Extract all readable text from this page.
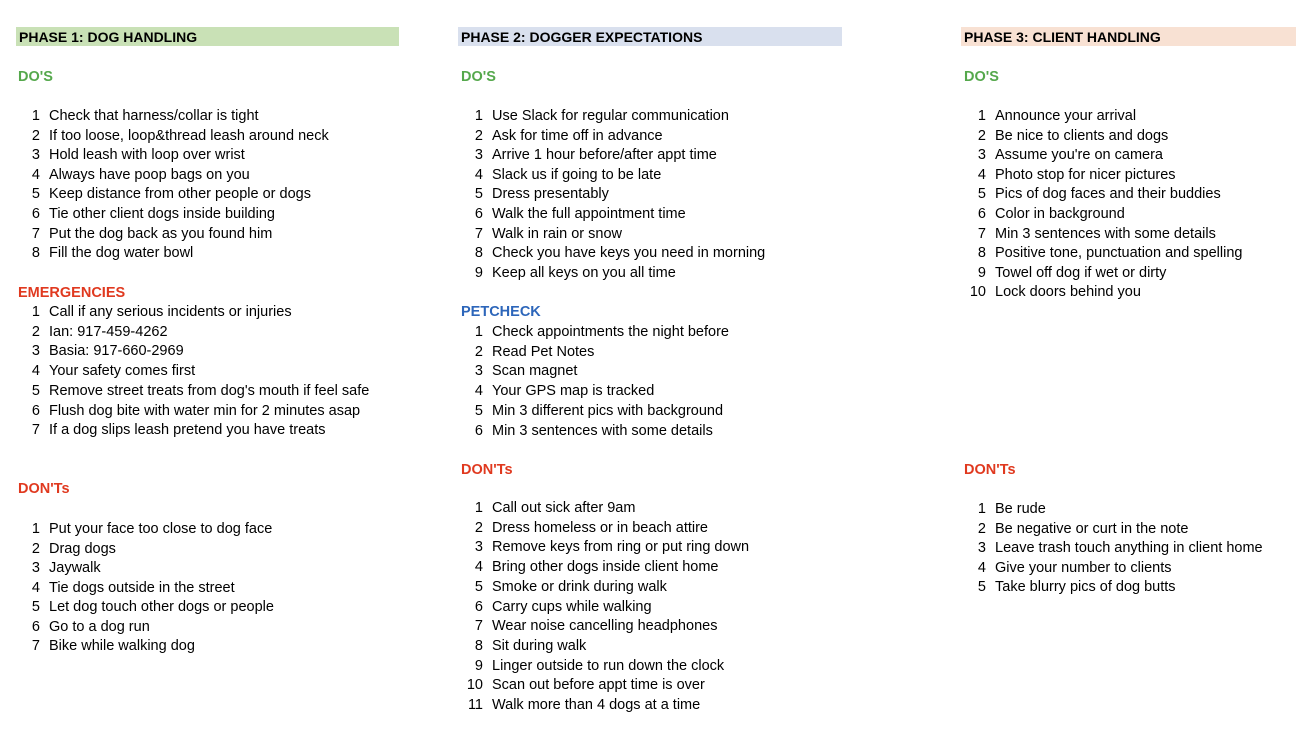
PHASE 1: DOG HANDLING
DO'S
1 Check that harness/collar is tight
2 If too loose, loop&thread leash around neck
3 Hold leash with loop over wrist
4 Always have poop bags on you
5 Keep distance from other people or dogs
6 Tie other client dogs inside building
7 Put the dog back as you found him
8 Fill the dog water bowl
EMERGENCIES
1 Call if any serious incidents or injuries
2 Ian: 917-459-4262
3 Basia: 917-660-2969
4 Your safety comes first
5 Remove street treats from dog's mouth if feel safe
6 Flush dog bite with water min for 2 minutes asap
7 If a dog slips leash pretend you have treats
DON'Ts
1 Put your face too close to dog face
2 Drag dogs
3 Jaywalk
4 Tie dogs outside in the street
5 Let dog touch other dogs or people
6 Go to a dog run
7 Bike while walking dog
PHASE 2: DOGGER EXPECTATIONS
DO'S
1 Use Slack for regular communication
2 Ask for time off in advance
3 Arrive 1 hour before/after appt time
4 Slack us if going to be late
5 Dress presentably
6 Walk the full appointment time
7 Walk in rain or snow
8 Check you have keys you need in morning
9 Keep all keys on you all time
PETCHECK
1 Check appointments the night before
2 Read Pet Notes
3 Scan magnet
4 Your GPS map is tracked
5 Min 3 different pics with background
6 Min 3 sentences with some details
DON'Ts
1 Call out sick after 9am
2 Dress homeless or in beach attire
3 Remove keys from ring or put ring down
4 Bring other dogs inside client home
5 Smoke or drink during walk
6 Carry cups while walking
7 Wear noise cancelling headphones
8 Sit during walk
9 Linger outside to run down the clock
10 Scan out before appt time is over
11 Walk more than 4 dogs at a time
PHASE 3: CLIENT HANDLING
DO'S
1 Announce your arrival
2 Be nice to clients and dogs
3 Assume you're on camera
4 Photo stop for nicer pictures
5 Pics of dog faces and their buddies
6 Color in background
7 Min 3 sentences with some details
8 Positive tone, punctuation and spelling
9 Towel off dog if wet or dirty
10 Lock doors behind you
DON'Ts
1 Be rude
2 Be negative or curt in the note
3 Leave trash touch anything in client home
4 Give your number to clients
5 Take blurry pics of dog butts
